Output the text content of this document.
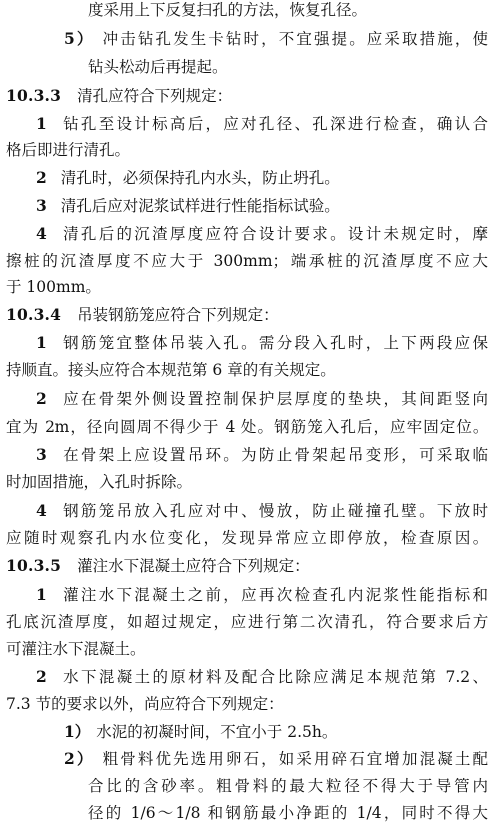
度采用上下反复扫孔的方法，恢复孔径。
5） 冲击钻孔发生卡钻时，不宜强提。应采取措施，使
钻头松动后再提起。
10.3.3 清孔应符合下列规定：
1 钻孔至设计标高后，应对孔径、孔深进行检查，确认合
格后即进行清孔。
2 清孔时，必须保持孔内水头，防止坍孔。
3 清孔后应对泥浆试样进行性能指标试验。
4 清孔后的沉渣厚度应符合设计要求。设计未规定时，摩
擦桩的沉渣厚度不应大于 300mm；端承桩的沉渣厚度不应大
于 100mm。
10.3.4 吊装钢筋笼应符合下列规定：
1 钢筋笼宜整体吊装入孔。需分段入孔时，上下两段应保
持顺直。接头应符合本规范第 6 章的有关规定。
2 应在骨架外侧设置控制保护层厚度的垫块，其间距竖向
宜为 2m，径向圆周不得少于 4 处。钢筋笼入孔后，应牢固定位。
3 在骨架上应设置吊环。为防止骨架起吊变形，可采取临
时加固措施，入孔时拆除。
4 钢筋笼吊放入孔应对中、慢放，防止碰撞孔壁。下放时
应随时观察孔内水位变化，发现异常应立即停放，检查原因。
10.3.5 灌注水下混凝土应符合下列规定：
1 灌注水下混凝土之前，应再次检查孔内泥浆性能指标和
孔底沉渣厚度，如超过规定，应进行第二次清孔，符合要求后方
可灌注水下混凝土。
2 水下混凝土的原材料及配合比除应满足本规范第 7.2、
7.3 节的要求以外，尚应符合下列规定：
1） 水泥的初凝时间，不宜小于 2.5h。
2） 粗骨料优先选用卵石，如采用碎石宜增加混凝土配
合比的含砂率。粗骨料的最大粒径不得大于导管内
径的 1/6～1/8 和钢筋最小净距的 1/4，同时不得大
